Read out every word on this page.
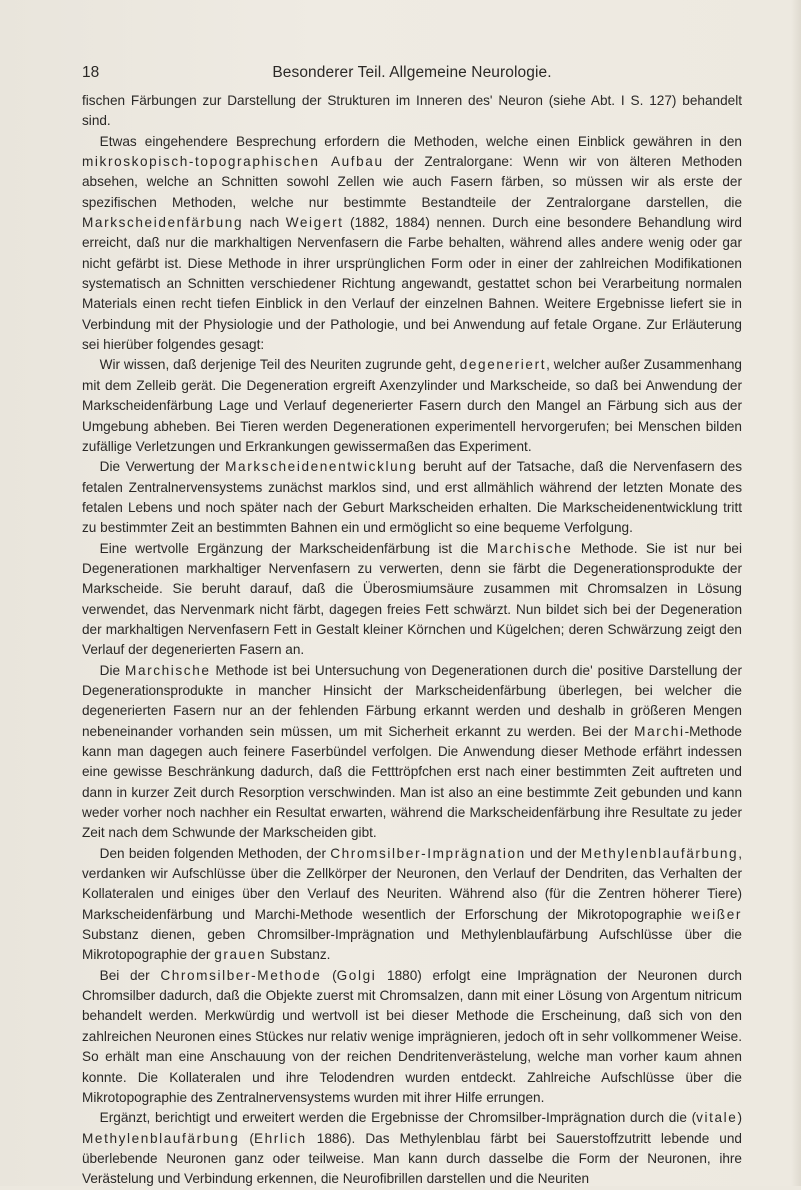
18	Besonderer Teil. Allgemeine Neurologie.

fischen Färbungen zur Darstellung der Strukturen im Inneren des' Neuron (siehe Abt. I S. 127) behandelt sind.

Etwas eingehendere Besprechung erfordern die Methoden, welche einen Einblick gewähren in den mikroskopisch-topographischen Aufbau der Zentralorgane: Wenn wir von älteren Methoden absehen, welche an Schnitten sowohl Zellen wie auch Fasern färben, so müssen wir als erste der spezifischen Methoden, welche nur bestimmte Bestandteile der Zentralorgane darstellen, die Markscheidenfärbung nach Weigert (1882, 1884) nennen. Durch eine besondere Behandlung wird erreicht, daß nur die markhaltigen Nervenfasern die Farbe behalten, während alles andere wenig oder gar nicht gefärbt ist. Diese Methode in ihrer ursprünglichen Form oder in einer der zahlreichen Modifikationen systematisch an Schnitten verschiedener Richtung angewandt, gestattet schon bei Verarbeitung normalen Materials einen recht tiefen Einblick in den Verlauf der einzelnen Bahnen. Weitere Ergebnisse liefert sie in Verbindung mit der Physiologie und der Pathologie, und bei Anwendung auf fetale Organe. Zur Erläuterung sei hierüber folgendes gesagt:

Wir wissen, daß derjenige Teil des Neuriten zugrunde geht, degeneriert, welcher außer Zusammenhang mit dem Zelleib gerät. Die Degeneration ergreift Axenzylinder und Markscheide, so daß bei Anwendung der Markscheidenfärbung Lage und Verlauf degenerierter Fasern durch den Mangel an Färbung sich aus der Umgebung abheben. Bei Tieren werden Degenerationen experimentell hervorgerufen; bei Menschen bilden zufällige Verletzungen und Erkrankungen gewissermaßen das Experiment.

Die Verwertung der Markscheidenentwicklung beruht auf der Tatsache, daß die Nervenfasern des fetalen Zentralnervensystems zunächst marklos sind, und erst allmählich während der letzten Monate des fetalen Lebens und noch später nach der Geburt Markscheiden erhalten. Die Markscheidenentwicklung tritt zu bestimmter Zeit an bestimmten Bahnen ein und ermöglicht so eine bequeme Verfolgung.

Eine wertvolle Ergänzung der Markscheidenfärbung ist die Marchische Methode. Sie ist nur bei Degenerationen markhaltiger Nervenfasern zu verwerten, denn sie färbt die Degenerationsprodukte der Markscheide. Sie beruht darauf, daß die Überosmiumsäure zusammen mit Chromsalzen in Lösung verwendet, das Nervenmark nicht färbt, dagegen freies Fett schwärzt. Nun bildet sich bei der Degeneration der markhaltigen Nervenfasern Fett in Gestalt kleiner Körnchen und Kügelchen; deren Schwärzung zeigt den Verlauf der degenerierten Fasern an.

Die Marchische Methode ist bei Untersuchung von Degenerationen durch die' positive Darstellung der Degenerationsprodukte in mancher Hinsicht der Markscheidenfärbung überlegen, bei welcher die degenerierten Fasern nur an der fehlenden Färbung erkannt werden und deshalb in größeren Mengen nebeneinander vorhanden sein müssen, um mit Sicherheit erkannt zu werden. Bei der Marchi-Methode kann man dagegen auch feinere Faserbündel verfolgen. Die Anwendung dieser Methode erfährt indessen eine gewisse Beschränkung dadurch, daß die Fetttröpfchen erst nach einer bestimmten Zeit auftreten und dann in kurzer Zeit durch Resorption verschwinden. Man ist also an eine bestimmte Zeit gebunden und kann weder vorher noch nachher ein Resultat erwarten, während die Markscheidenfärbung ihre Resultate zu jeder Zeit nach dem Schwunde der Markscheiden gibt.

Den beiden folgenden Methoden, der Chromsilber-Imprägnation und der Methylenblaufärbung, verdanken wir Aufschlüsse über die Zellkörper der Neuronen, den Verlauf der Dendriten, das Verhalten der Kollateralen und einiges über den Verlauf des Neuriten. Während also (für die Zentren höherer Tiere) Markscheidenfärbung und Marchi-Methode wesentlich der Erforschung der Mikrotopographie weißer Substanz dienen, geben Chromsilber-Imprägnation und Methylenblaufärbung Aufschlüsse über die Mikrotopographie der grauen Substanz.

Bei der Chromsilber-Methode (Golgi 1880) erfolgt eine Imprägnation der Neuronen durch Chromsilber dadurch, daß die Objekte zuerst mit Chromsalzen, dann mit einer Lösung von Argentum nitricum behandelt werden. Merkwürdig und wertvoll ist bei dieser Methode die Erscheinung, daß sich von den zahlreichen Neuronen eines Stückes nur relativ wenige imprägnieren, jedoch oft in sehr vollkommener Weise. So erhält man eine Anschauung von der reichen Dendritenverästelung, welche man vorher kaum ahnen konnte. Die Kollateralen und ihre Telodendren wurden entdeckt. Zahlreiche Aufschlüsse über die Mikrotopographie des Zentralnervensystems wurden mit ihrer Hilfe errungen.

Ergänzt, berichtigt und erweitert werden die Ergebnisse der Chromsilber-Imprägnation durch die (vitale) Methylenblaufärbung (Ehrlich 1886). Das Methylenblau färbt bei Sauerstoffzutritt lebende und überlebende Neuronen ganz oder teilweise. Man kann durch dasselbe die Form der Neuronen, ihre Verästelung und Verbindung erkennen, die Neurofibrillen darstellen und die Neuriten
